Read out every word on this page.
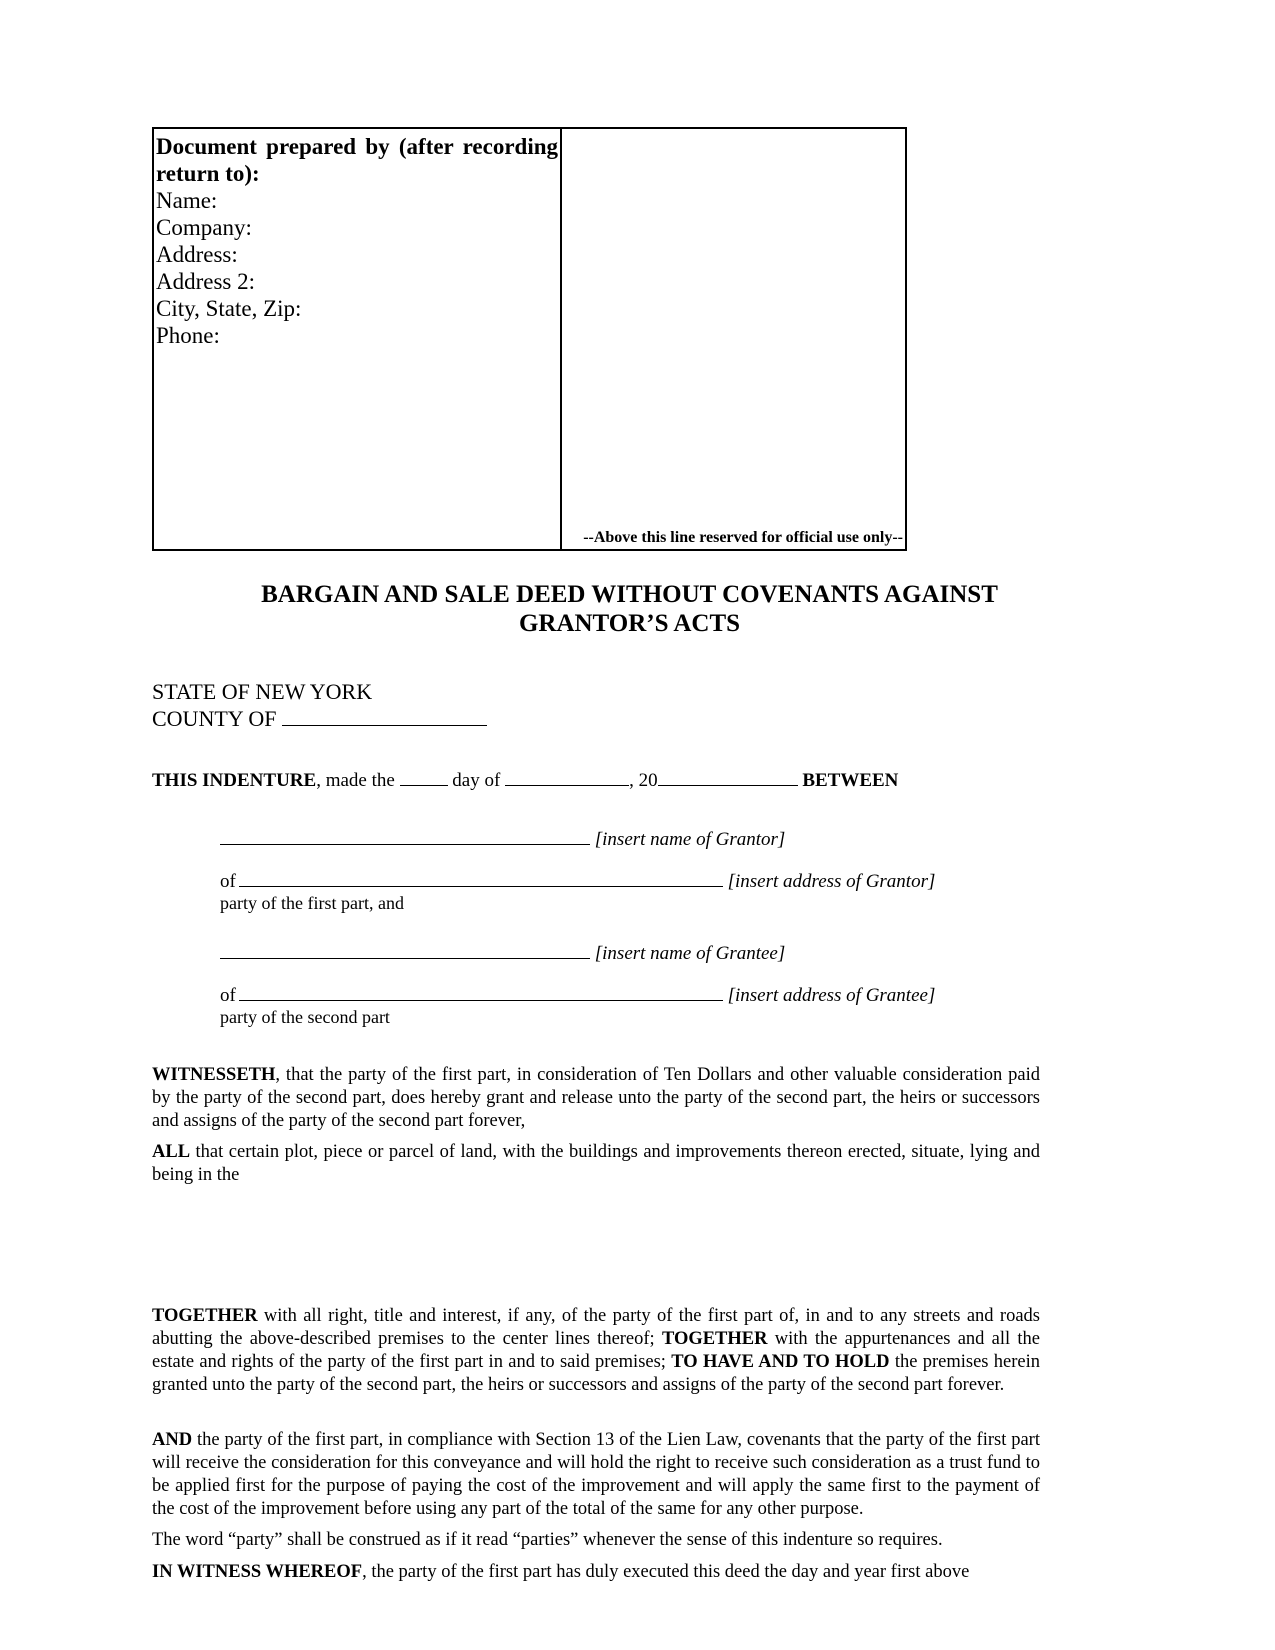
Document prepared by (after recording return to):
Name:
Company:
Address:
Address 2:
City, State, Zip:
Phone:
--Above this line reserved for official use only--
BARGAIN AND SALE DEED WITHOUT COVENANTS AGAINST
GRANTOR’S ACTS
STATE OF NEW YORK
COUNTY OF
THIS INDENTURE, made the	day of	, 20	BETWEEN
[insert name of Grantor]
of	[insert address of Grantor]
party of the first part, and
[insert name of Grantee]
of	[insert address of Grantee]
party of the second part

WITNESSETH, that the party of the first part, in consideration of Ten Dollars and other valuable consideration paid by the party of the second part, does hereby grant and release unto the party of the second part, the heirs or successors and assigns of the party of the second part forever,

ALL that certain plot, piece or parcel of land, with the buildings and improvements thereon erected, situate, lying and being in the

TOGETHER with all right, title and interest, if any, of the party of the first part of, in and to any streets and roads abutting the above-described premises to the center lines thereof; TOGETHER with the appurtenances and all the estate and rights of the party of the first part in and to said premises; TO HAVE AND TO HOLD the premises herein granted unto the party of the second part, the heirs or successors and assigns of the party of the second part forever.

AND the party of the first part, in compliance with Section 13 of the Lien Law, covenants that the party of the first part will receive the consideration for this conveyance and will hold the right to receive such consideration as a trust fund to be applied first for the purpose of paying the cost of the improvement and will apply the same first to the payment of the cost of the improvement before using any part of the total of the same for any other purpose.

The word “party” shall be construed as if it read “parties” whenever the sense of this indenture so requires.
IN WITNESS WHEREOF, the party of the first part has duly executed this deed the day and year first above
